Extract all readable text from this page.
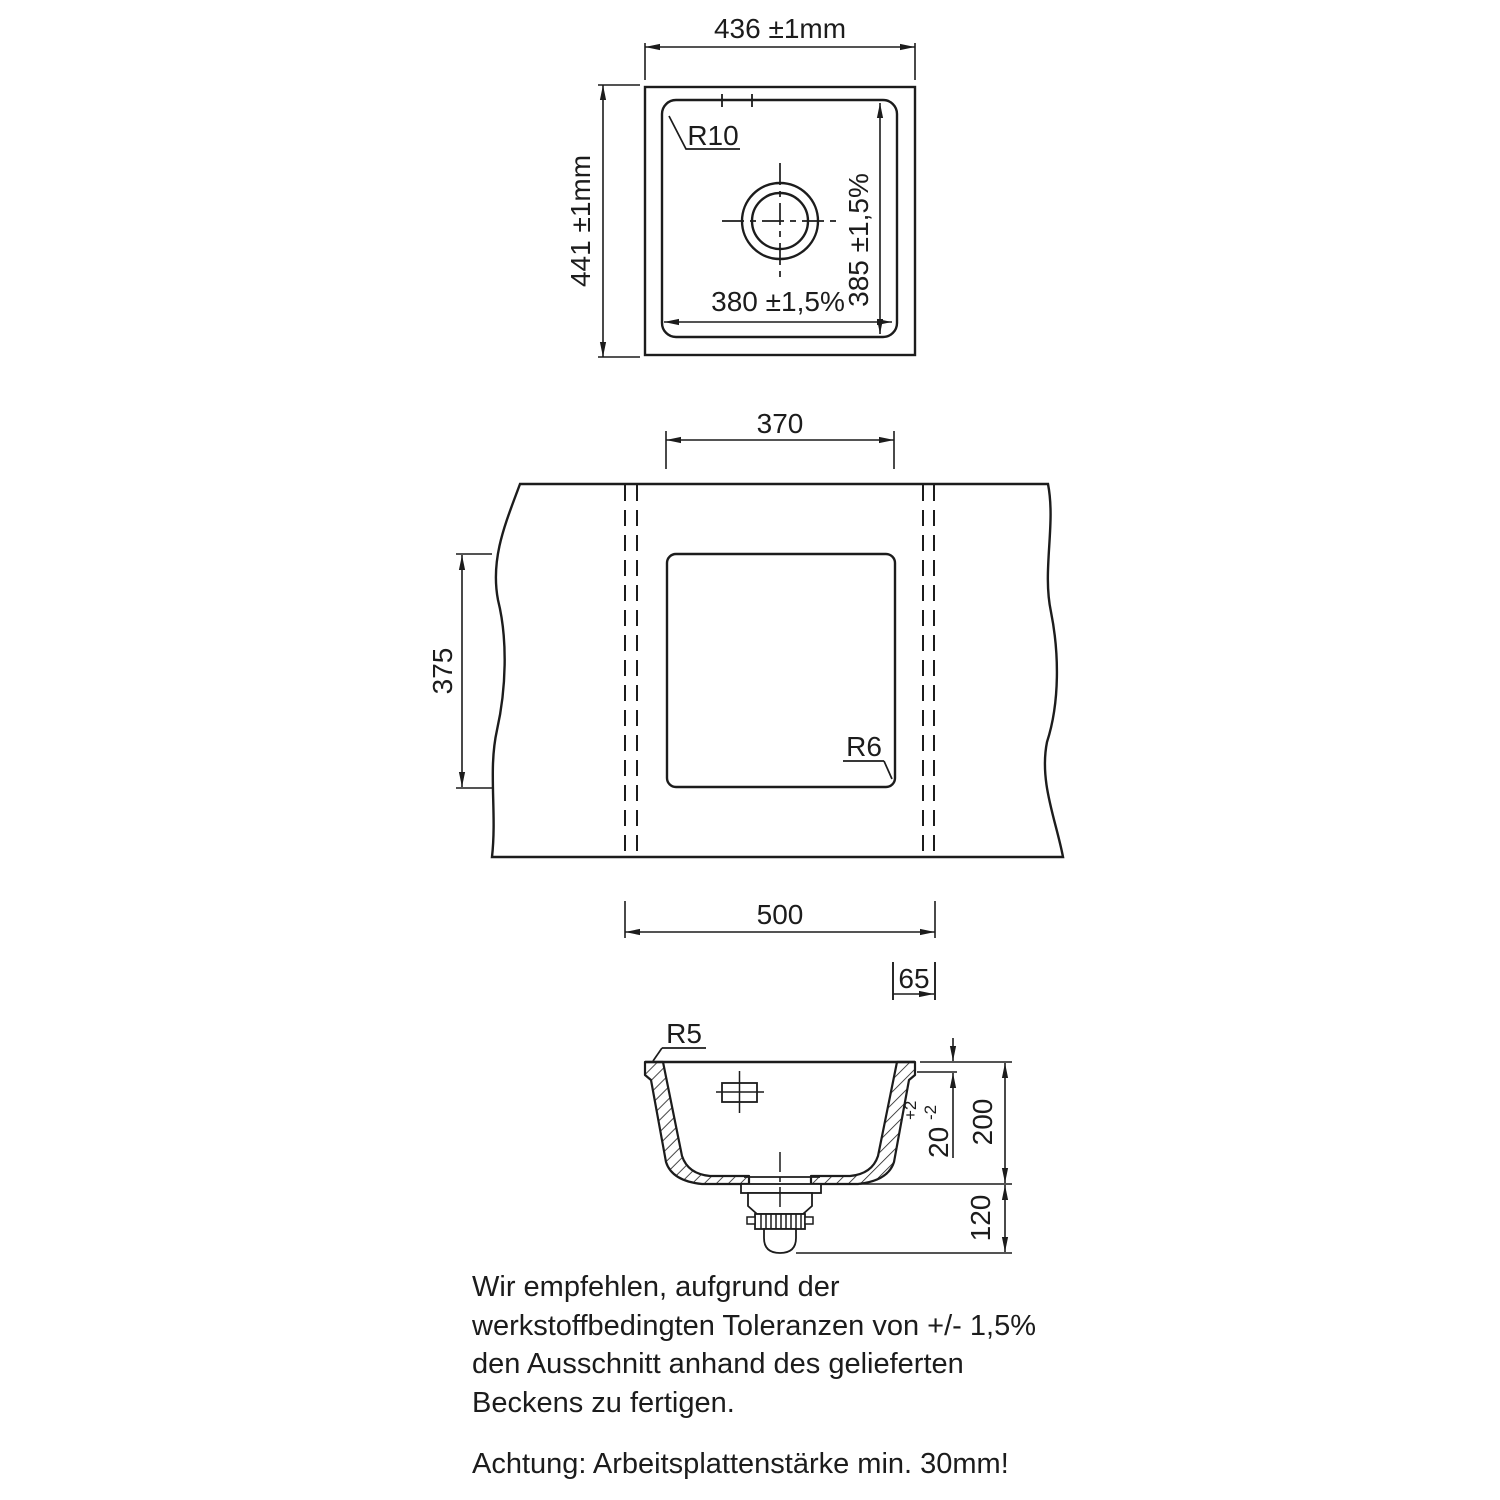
R10
436 ±1mm
441 ±1mm	385 ±1,5%
380 ±1,5%
R6
370
375
500
65
R5
20
+2 -2 200
120
Wir empfehlen, aufgrund der
werkstoffbedingten Toleranzen von +/- 1,5%
den Ausschnitt anhand des gelieferten
Beckens zu fertigen.
Achtung: Arbeitsplattenstärke min. 30mm!
